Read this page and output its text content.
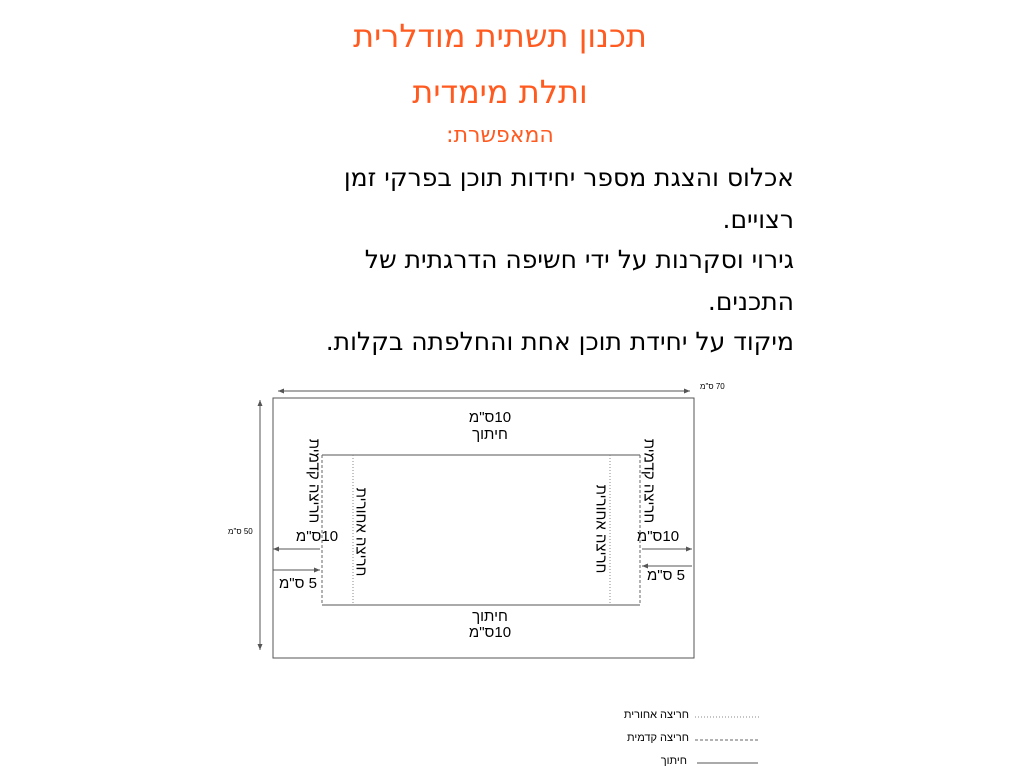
תכנון תשתית מודלרית
ותלת מימדית
המאפשרת:
אכלוס והצגת מספר יחידות תוכן בפרקי זמן
רצויים.
גירוי וסקרנות על ידי חשיפה הדרגתית של
התכנים.
מיקוד על יחידת תוכן אחת והחלפתה בקלות.
70 ס"מ
50 ס"מ
10ס"מ
חיתוך
חיתוך
10ס"מ
חריצה קדמית
חריצה אחורית	חריצה אחורית
חריצה קדמית
10ס"מ	10ס"מ
5 ס"מ	5 ס"מ
חריצה אחורית
חריצה קדמית
חיתוך
